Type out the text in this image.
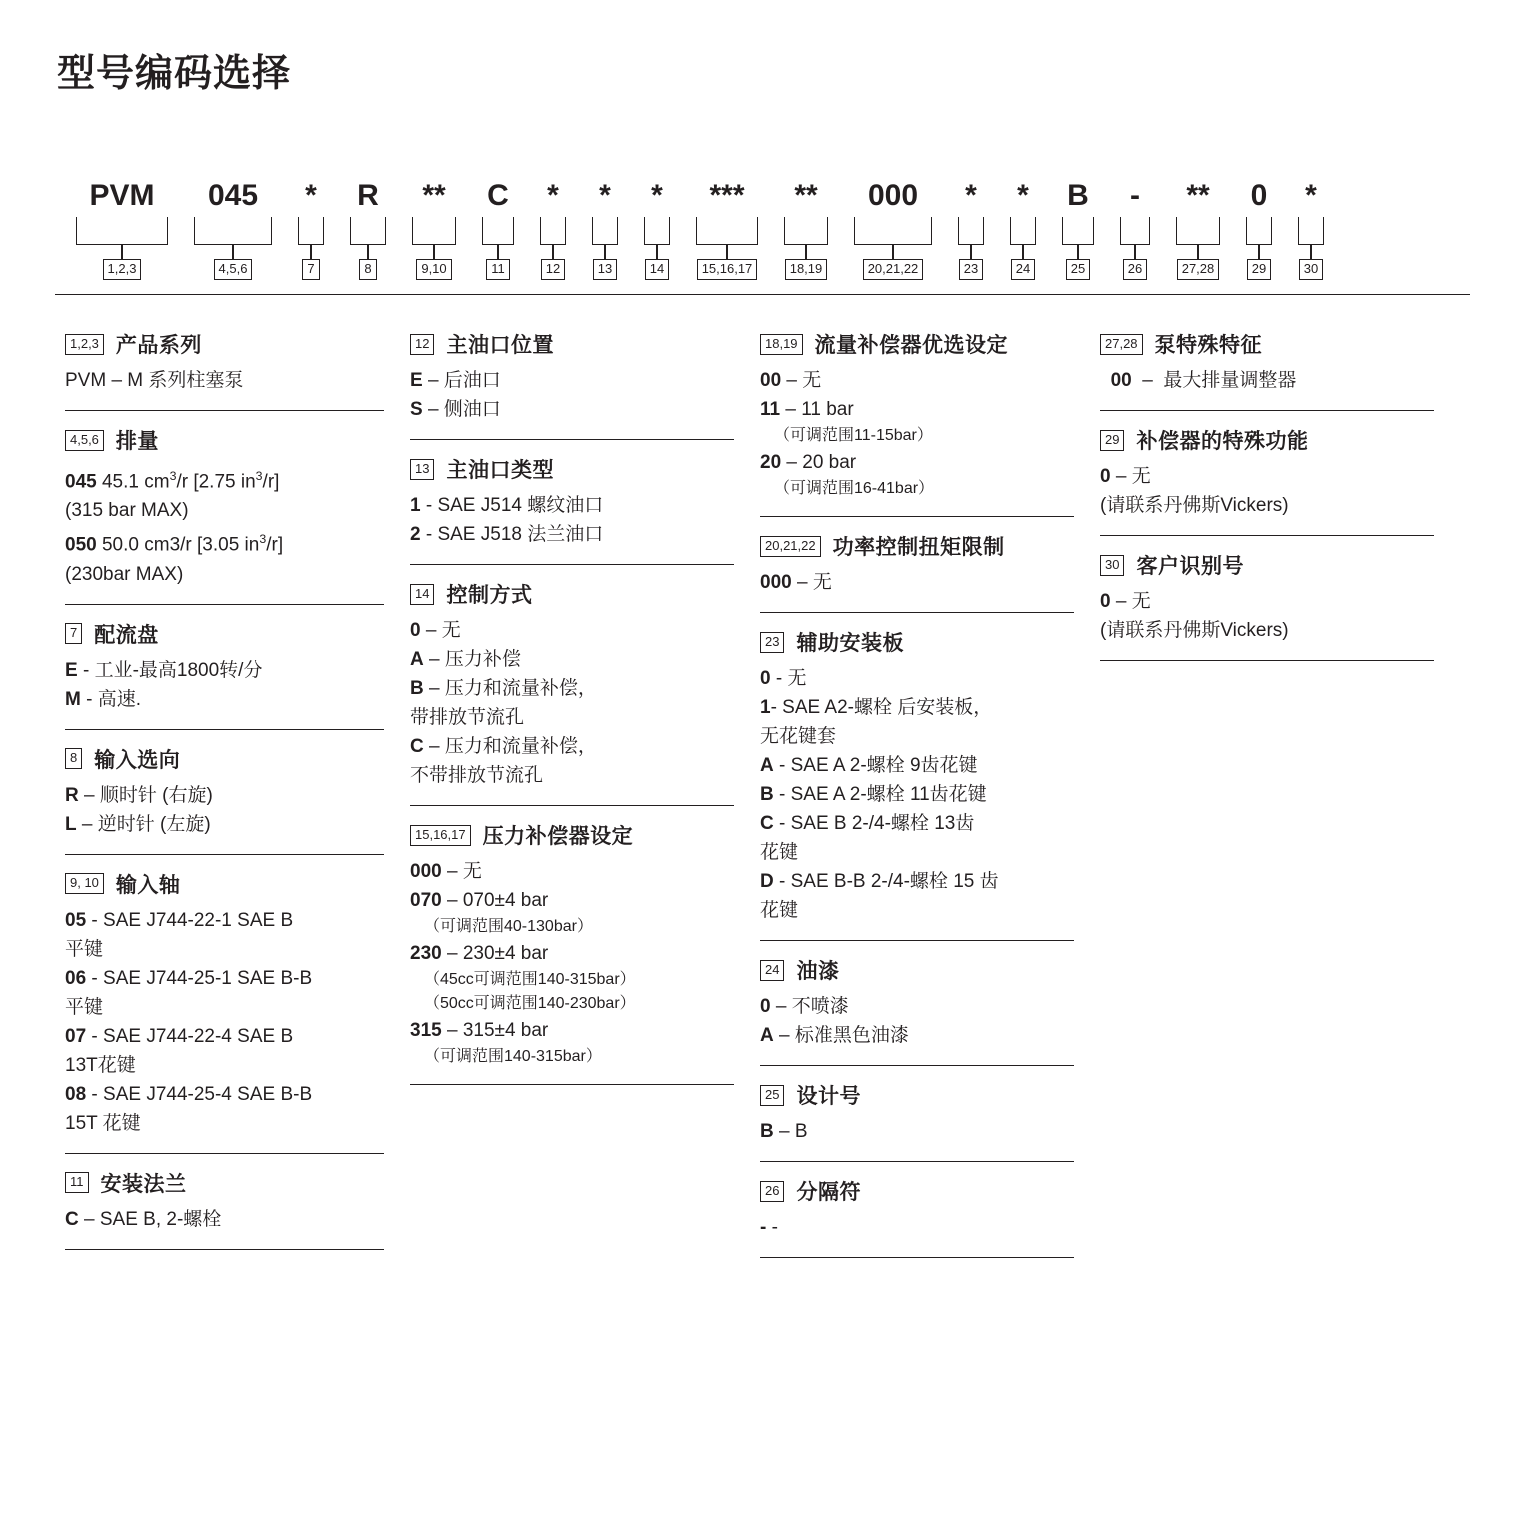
型号编码选择
PVM
1,2,3
045
4,5,6
*
7
R
8
**
9,10
C
11
*
12
*
13
*
14
***
15,16,17
**
18,19
000
20,21,22
*
23
*
24
B
25
-
26
**
27,28
0
29
*
30
1,2,3 产品系列
PVM – M 系列柱塞泵
4,5,6 排量
045 45.1 $cm^3/r$ [2.75 $in^3/r$]
(315 bar MAX)
050 50.0 cm3/r [3.05 $in^3/r$]
(230bar MAX)
7 配流盘
E - 工业-最高1800转/分
M - 高速.
8 输入选向
R – 顺时针 (右旋)
L – 逆时针 (左旋)
9, 10 输入轴
05 - SAE J744-22-1 SAE B
平键
06 - SAE J744-25-1 SAE B-B
平键
07 - SAE J744-22-4 SAE B
13T花键
08 - SAE J744-25-4 SAE B-B
15T 花键
11 安装法兰
C – SAE B, 2-螺栓
12 主油口位置
E – 后油口
S – 侧油口
13 主油口类型
1 - SAE J514 螺纹油口
2 - SAE J518 法兰油口
14 控制方式
0 – 无
A – 压力补偿
B – 压力和流量补偿，
带排放节流孔
C – 压力和流量补偿，
不带排放节流孔
15,16,17 压力补偿器设定
000 – 无
070 – 070±4 bar
（可调范围40-130bar）
230 – 230±4 bar
（45cc可调范围140-315bar）
（50cc可调范围140-230bar）
315 – 315±4 bar
（可调范围140-315bar）
18,19 流量补偿器优选设定
00 – 无
11 – 11 bar
（可调范围11-15bar）
20 – 20 bar
（可调范围16-41bar）
20,21,22 功率控制扭矩限制
000 – 无
23 辅助安装板
0 - 无
1- SAE A2-螺栓 后安装板，
无花键套
A - SAE A 2-螺栓 9齿花键
B - SAE A 2-螺栓 11齿花键
C - SAE B 2-/4-螺栓 13齿
花键
D - SAE B-B 2-/4-螺栓 15 齿
花键
24 油漆
0 – 不喷漆
A – 标准黑色油漆
25 设计号
B – B
26 分隔符
- -
27,28 泵特殊特征
00  –  最大排量调整器
29 补偿器的特殊功能
0 – 无
(请联系丹佛斯Vickers)
30 客户识别号
0 – 无
(请联系丹佛斯Vickers)
